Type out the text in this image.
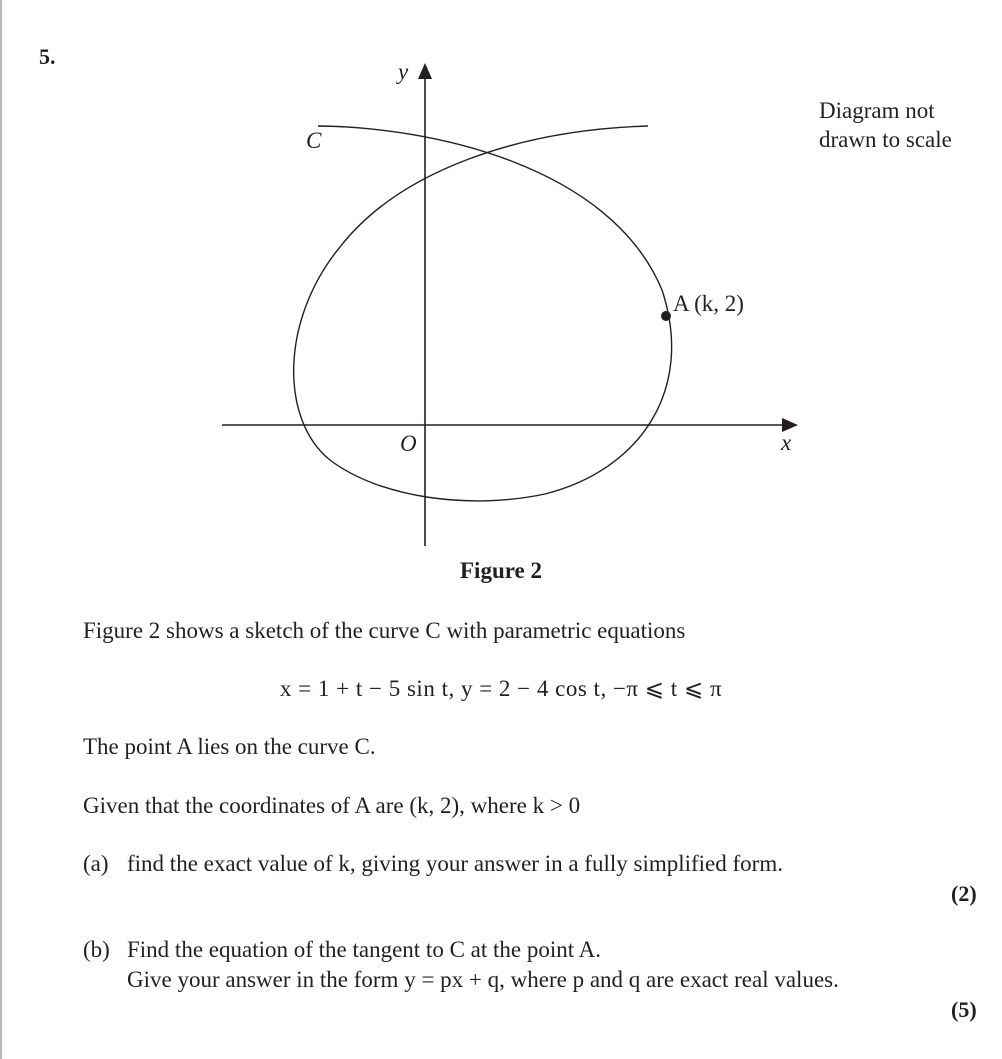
5.
Diagram not drawn to scale
y
x
O
C
A (k, 2)
Figure 2
Figure 2 shows a sketch of the curve C with parametric equations
x = 1 + t − 5 sin t, y = 2 − 4 cos t, −π ⩽ t ⩽ π
The point A lies on the curve C.
Given that the coordinates of A are (k, 2), where k > 0
(a) find the exact value of k, giving your answer in a fully simplified form.
(2)
(b) Find the equation of the tangent to C at the point A.
Give your answer in the form y = px + q, where p and q are exact real values.
(5)
